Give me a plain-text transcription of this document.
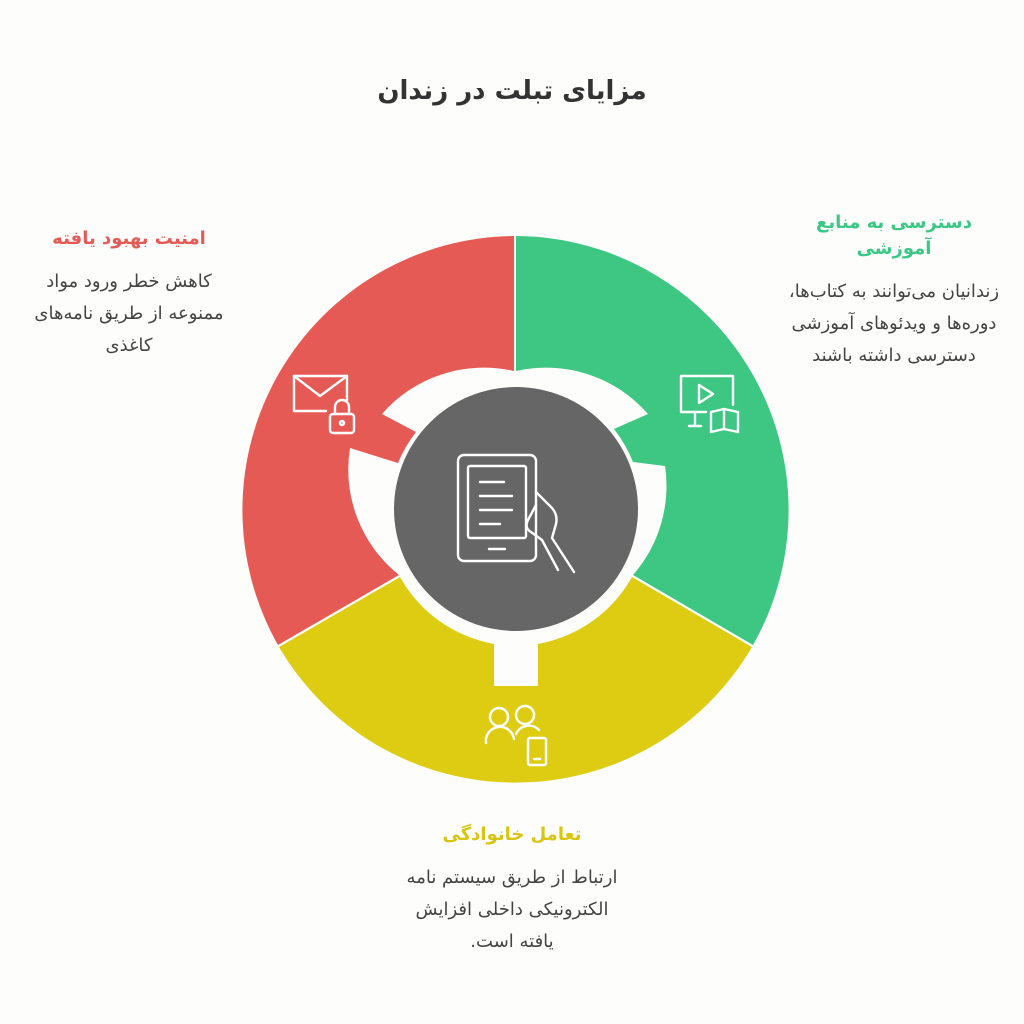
مزایای تبلت در زندان
امنیت بهبود یافته
کاهش خطر ورود مواد ممنوعه از طریق نامه‌های کاغذی
دسترسی به منابع آموزشی
زندانیان می‌توانند به کتاب‌ها، دوره‌ها و ویدئوهای آموزشی دسترسی داشته باشند
تعامل خانوادگی
ارتباط از طریق سیستم نامه الکترونیکی داخلی افزایش یافته است.
